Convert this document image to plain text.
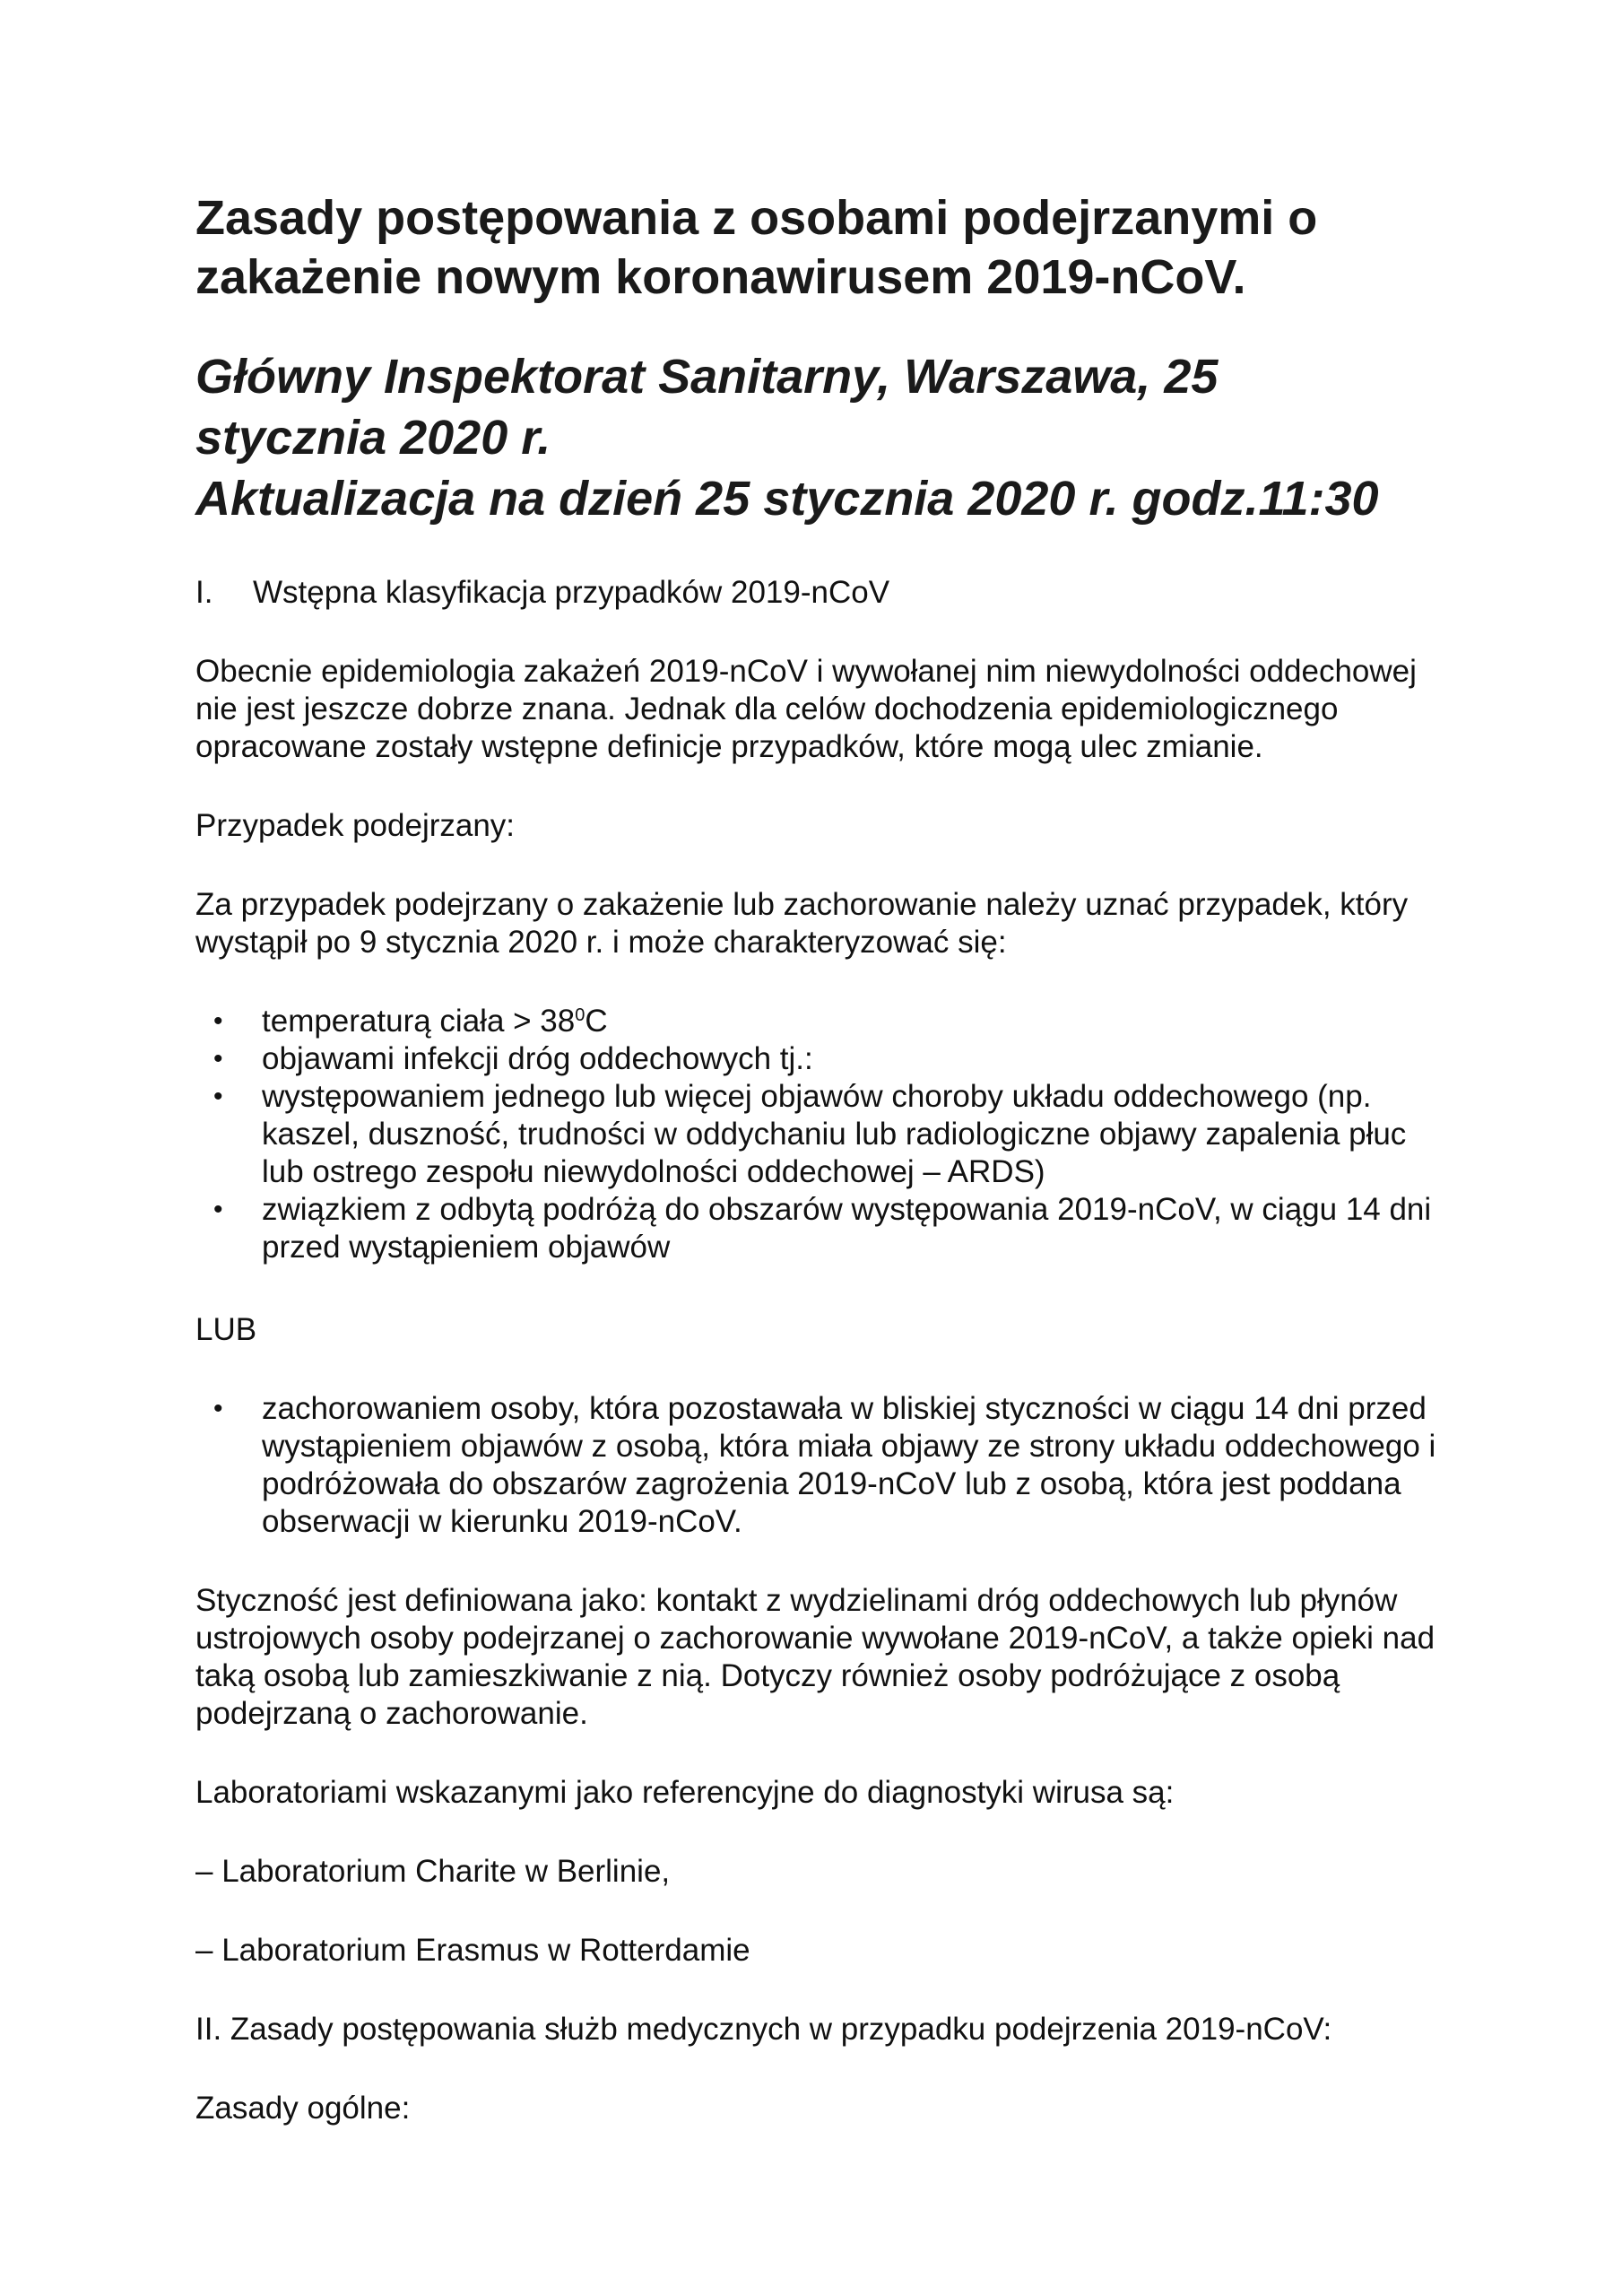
Zasady postępowania z osobami podejrzanymi o zakażenie nowym koronawirusem 2019-nCoV.
Główny Inspektorat Sanitarny, Warszawa, 25
stycznia 2020 r.
Aktualizacja na dzień 25 stycznia 2020 r. godz.11:30
I.	Wstępna klasyfikacja przypadków 2019-nCoV

Obecnie epidemiologia zakażeń 2019-nCoV i wywołanej nim niewydolności oddechowej nie jest jeszcze dobrze znana. Jednak dla celów dochodzenia epidemiologicznego opracowane zostały wstępne definicje przypadków, które mogą ulec zmianie.

Przypadek podejrzany:

Za przypadek podejrzany o zakażenie lub zachorowanie należy uznać przypadek, który wystąpił po 9 stycznia 2020 r. i może charakteryzować się:

• temperaturą ciała > $38^0C$
• objawami infekcji dróg oddechowych tj.:
• występowaniem jednego lub więcej objawów choroby układu oddechowego (np. kaszel, duszność, trudności w oddychaniu lub radiologiczne objawy zapalenia płuc lub ostrego zespołu niewydolności oddechowej – ARDS)
• związkiem z odbytą podróżą do obszarów występowania 2019-nCoV, w ciągu 14 dni przed wystąpieniem objawów

LUB

• zachorowaniem osoby, która pozostawała w bliskiej styczności w ciągu 14 dni przed wystąpieniem objawów z osobą, która miała objawy ze strony układu oddechowego i podróżowała do obszarów zagrożenia 2019-nCoV lub z osobą, która jest poddana obserwacji w kierunku 2019-nCoV.

Styczność jest definiowana jako: kontakt z wydzielinami dróg oddechowych lub płynów ustrojowych osoby podejrzanej o zachorowanie wywołane 2019-nCoV, a także opieki nad taką osobą lub zamieszkiwanie z nią. Dotyczy również osoby podróżujące z osobą podejrzaną o zachorowanie.

Laboratoriami wskazanymi jako referencyjne do diagnostyki wirusa są:

– Laboratorium Charite w Berlinie,

– Laboratorium Erasmus w Rotterdamie

II. Zasady postępowania służb medycznych w przypadku podejrzenia 2019-nCoV:

Zasady ogólne:
